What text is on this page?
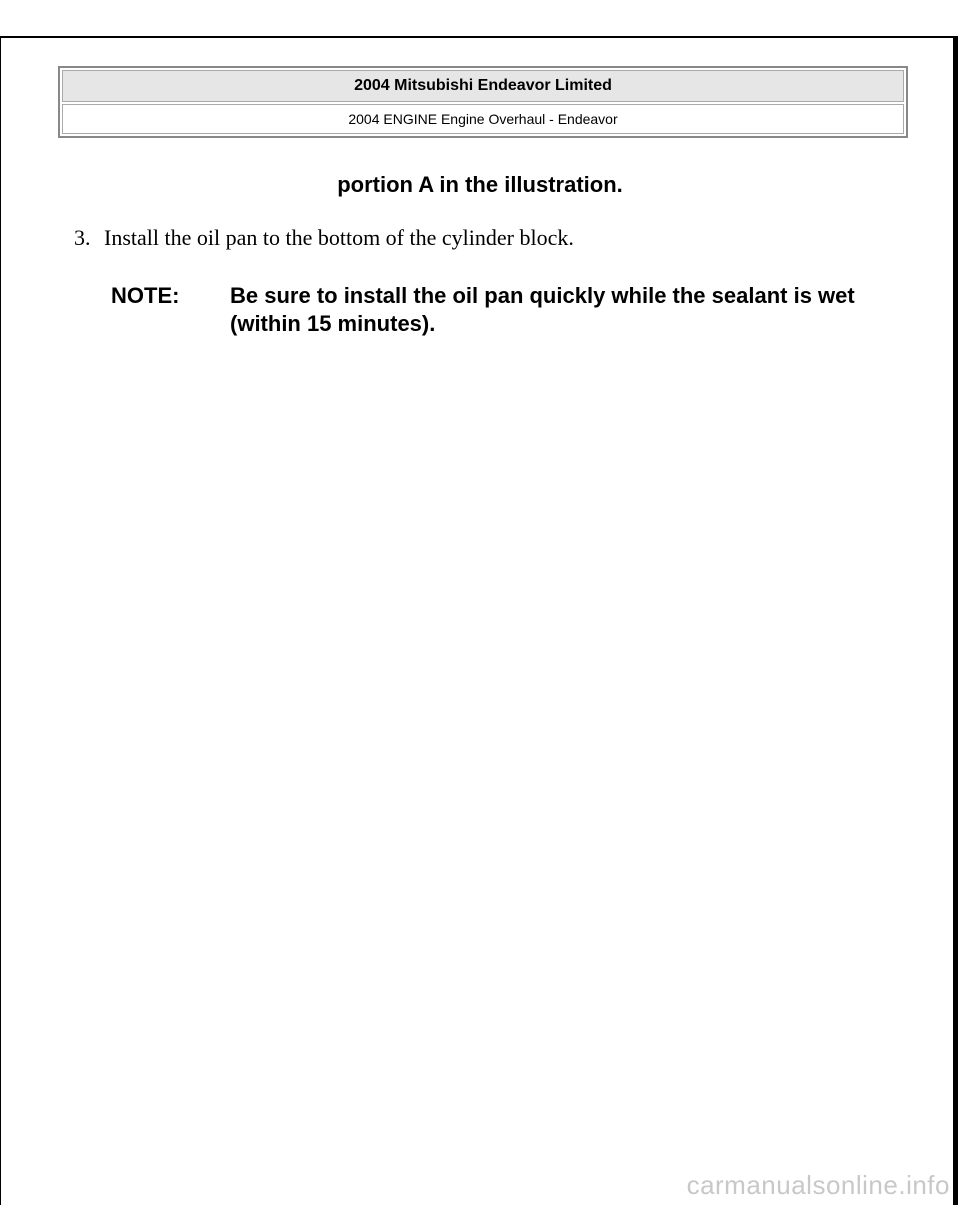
2004 Mitsubishi Endeavor Limited
2004 ENGINE Engine Overhaul - Endeavor
portion A in the illustration.
3. Install the oil pan to the bottom of the cylinder block.
NOTE:	Be sure to install the oil pan quickly while the sealant is wet (within 15 minutes).
carmanualsonline.info
